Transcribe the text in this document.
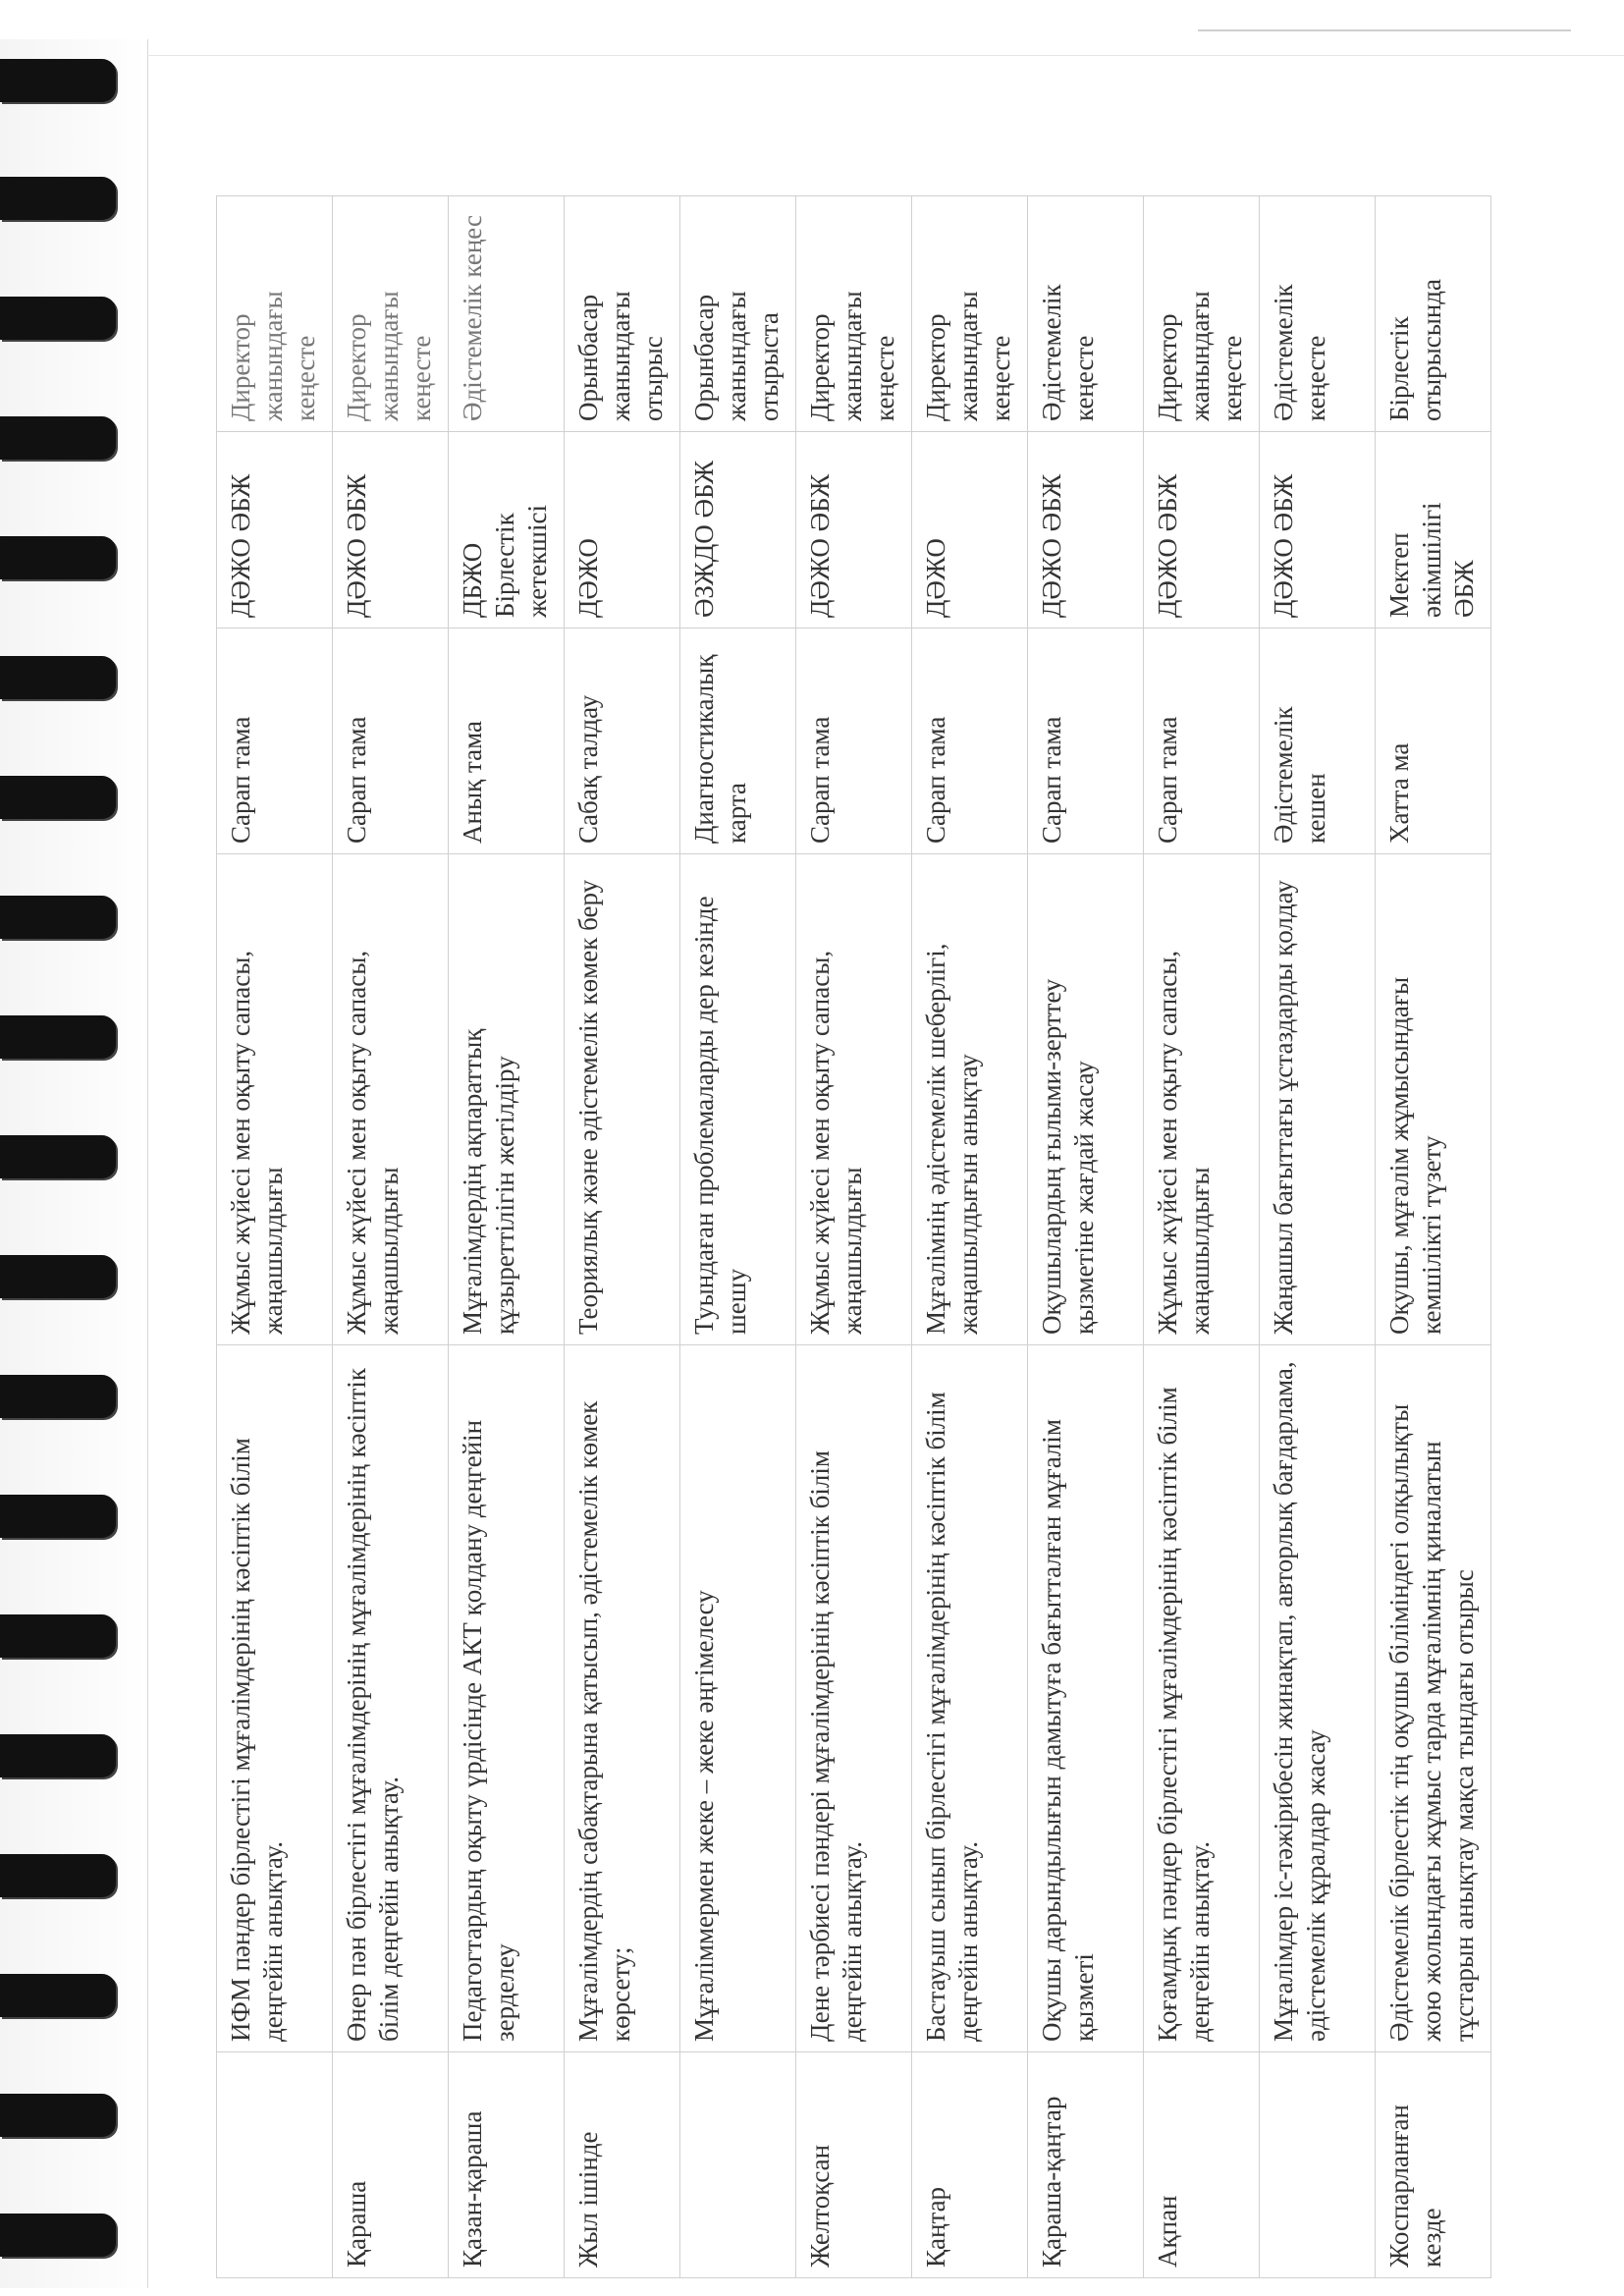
	ИФМ пәндер бірлестігі мұғалімдерінің кәсіптік білім деңгейін анықтау.	Жұмыс жүйесі мен оқыту сапасы, жаңашылдығы	Сарап тама	ДӘЖО ӘБЖ	Директор жанындағы кеңесте
Қараша	Өнер пән бірлестігі мұғалімдерінің мұғалімдерінің кәсіптік білім деңгейін анықтау.	Жұмыс жүйесі мен оқыту сапасы, жаңашылдығы	Сарап тама	ДӘЖО ӘБЖ	Директор жанындағы кеңесте
Қазан-қараша	Педагогтардың оқыту үрдісінде АКТ қолдану деңгейін зерделеу	Мұғалімдердің ақпараттық құзыреттілігін жетілдіру	Анық тама	ДБЖО Бірлестік жетекшісі	Әдістемелік кеңес
Жыл ішінде	Мұғалімдердің сабақтарына қатысып, әдістемелік көмек көрсету;	Теориялық және әдістемелік көмек беру	Сабақ талдау	ДӘЖО	Орынбасар жанындағы отырыс
	Мұғаліммермен жеке – жеке әңгімелесу	Туындаған проблемаларды дер кезінде шешу	Диагностикалық карта	ӘЗЖДО ӘБЖ	Орынбасар жанындағы отырыста
Желтоқсан	Дене тәрбиесі пәндері мұғалімдерінің кәсіптік білім деңгейін анықтау.	Жұмыс жүйесі мен оқыту сапасы, жаңашылдығы	Сарап тама	ДӘЖО ӘБЖ	Директор жанындағы кеңесте
Қаңтар	Бастауыш сынып бірлестігі мұғалімдерінің кәсіптік білім деңгейін анықтау.	Мұғалімнің әдістемелік шеберлігі, жаңашылдығын анықтау	Сарап тама	ДӘЖО	Директор жанындағы кеңесте
Қараша-қаңтар	Оқушы дарындылығын дамытуға бағытталған мұғалім қызметі	Оқушылардың ғылыми-зерттеу қызметіне жағдай жасау	Сарап тама	ДӘЖО ӘБЖ	Әдістемелік кеңесте
Ақпан	Қоғамдық пәндер бірлестігі мұғалімдерінің кәсіптік білім деңгейін анықтау.	Жұмыс жүйесі мен оқыту сапасы, жаңашылдығы	Сарап тама	ДӘЖО ӘБЖ	Директор жанындағы кеңесте
	Мұғалімдер іс-тәжірибесін жинақтап, авторлық бағдарлама, әдістемелік құралдар жасау	Жаңашыл бағыттағы ұстаздарды қолдау	Әдістемелік кешен	ДӘЖО ӘБЖ	Әдістемелік кеңесте
Жоспарланған кезде	Әдістемелік бірлестік тің оқушы біліміндегі олқылықты жою жолындағы жұмыс тарда мұғалімнің қиналатын тұстарын анықтау мақса тындағы отырыс	Оқушы, мұғалім жұмысындағы кемшілікті түзету	Хатта ма	Мектеп әкімшілігі ӘБЖ	Бірлестік отырысында
